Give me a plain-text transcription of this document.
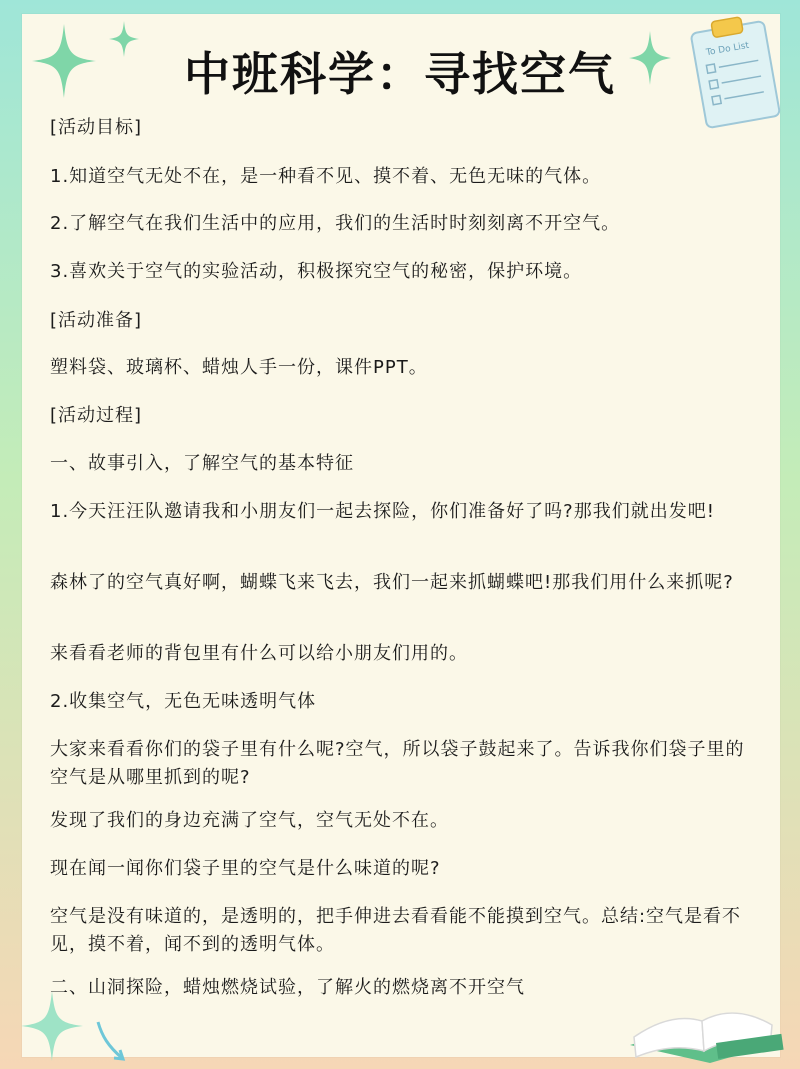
To Do List
中班科学：寻找空气

[活动目标]

1.知道空气无处不在，是一种看不见、摸不着、无色无味的气体。

2.了解空气在我们生活中的应用，我们的生活时时刻刻离不开空气。

3.喜欢关于空气的实验活动，积极探究空气的秘密，保护环境。

[活动准备]

塑料袋、玻璃杯、蜡烛人手一份，课件PPT。

[活动过程]

一、故事引入，了解空气的基本特征

1.今天汪汪队邀请我和小朋友们一起去探险，你们准备好了吗?那我们就出发吧!

森林了的空气真好啊，蝴蝶飞来飞去，我们一起来抓蝴蝶吧!那我们用什么来抓呢?

来看看老师的背包里有什么可以给小朋友们用的。

2.收集空气，无色无味透明气体

大家来看看你们的袋子里有什么呢?空气，所以袋子鼓起来了。告诉我你们袋子里的空气是从哪里抓到的呢?

发现了我们的身边充满了空气，空气无处不在。

现在闻一闻你们袋子里的空气是什么味道的呢?

空气是没有味道的，是透明的，把手伸进去看看能不能摸到空气。总结:空气是看不见，摸不着，闻不到的透明气体。

二、山洞探险，蜡烛燃烧试验，了解火的燃烧离不开空气
